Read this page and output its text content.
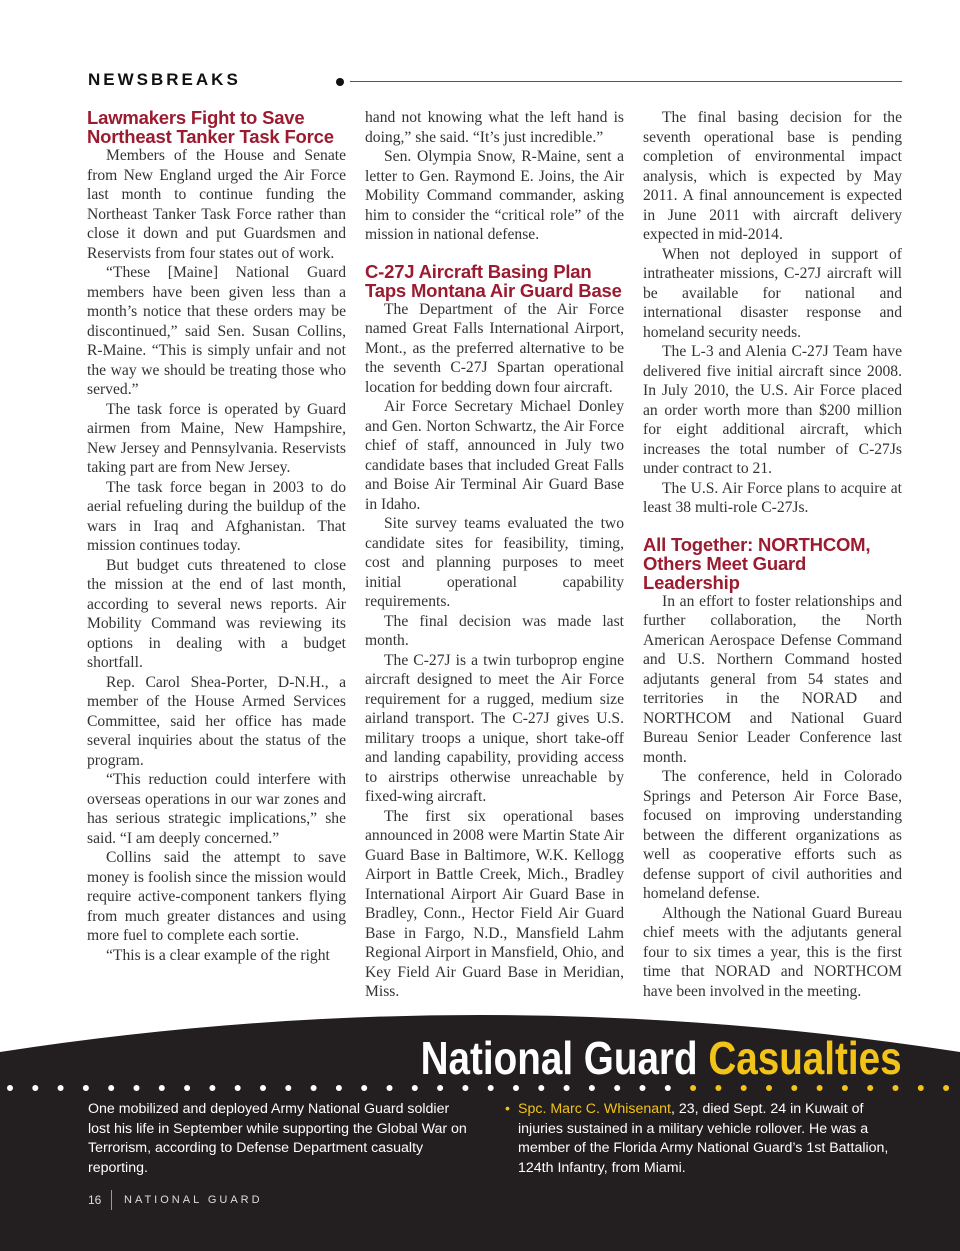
NEWSBREAKS
Lawmakers Fight to Save Northeast Tanker Task Force

Members of the House and Senate from New England urged the Air Force last month to continue funding the Northeast Tanker Task Force rather than close it down and put Guardsmen and Reservists from four states out of work.

“These [Maine] National Guard members have been given less than a month’s notice that these orders may be discontinued,” said Sen. Susan Collins, R-Maine. “This is simply unfair and not the way we should be treating those who served.”

The task force is operated by Guard airmen from Maine, New Hampshire, New Jersey and Pennsylvania. Reservists taking part are from New Jersey.

The task force began in 2003 to do aerial refueling during the buildup of the wars in Iraq and Afghanistan. That mission continues today.

But budget cuts threatened to close the mission at the end of last month, according to several news reports. Air Mobility Command was reviewing its options in dealing with a budget shortfall.

Rep. Carol Shea-Porter, D-N.H., a member of the House Armed Services Committee, said her office has made several inquiries about the status of the program.

“This reduction could interfere with overseas operations in our war zones and has serious strategic implications,” she said. “I am deeply concerned.”

Collins said the attempt to save money is foolish since the mission would require active-component tankers flying from much greater distances and using more fuel to complete each sortie.

“This is a clear example of the right

hand not knowing what the left hand is doing,” she said. “It’s just incredible.”

Sen. Olympia Snow, R-Maine, sent a letter to Gen. Raymond E. Joins, the Air Mobility Command commander, asking him to consider the “critical role” of the mission in national defense.

C-27J Aircraft Basing Plan Taps Montana Air Guard Base

The Department of the Air Force named Great Falls International Airport, Mont., as the preferred alternative to be the seventh C-27J Spartan operational location for bedding down four aircraft.

Air Force Secretary Michael Donley and Gen. Norton Schwartz, the Air Force chief of staff, announced in July two candidate bases that included Great Falls and Boise Air Terminal Air Guard Base in Idaho.

Site survey teams evaluated the two candidate sites for feasibility, timing, cost and planning purposes to meet initial operational capability requirements.

The final decision was made last month.

The C-27J is a twin turboprop engine aircraft designed to meet the Air Force requirement for a rugged, medium size airland transport. The C-27J gives U.S. military troops a unique, short take-off and landing capability, providing access to airstrips otherwise unreachable by fixed-wing aircraft.

The first six operational bases announced in 2008 were Martin State Air Guard Base in Baltimore, W.K. Kellogg Airport in Battle Creek, Mich., Bradley International Airport Air Guard Base in Bradley, Conn., Hector Field Air Guard Base in Fargo, N.D., Mansfield Lahm Regional Airport in Mansfield, Ohio, and Key Field Air Guard Base in Meridian, Miss.

The final basing decision for the seventh operational base is pending completion of environmental impact analysis, which is expected by May 2011. A final announcement is expected in June 2011 with aircraft delivery expected in mid-2014.

When not deployed in support of intratheater missions, C-27J aircraft will be available for national and international disaster response and homeland security needs.

The L-3 and Alenia C-27J Team have delivered five initial aircraft since 2008. In July 2010, the U.S. Air Force placed an order worth more than $200 million for eight additional aircraft, which increases the total number of C-27Js under contract to 21.

The U.S. Air Force plans to acquire at least 38 multi-role C-27Js.

All Together: NORTHCOM, Others Meet Guard Leadership

In an effort to foster relationships and further collaboration, the North American Aerospace Defense Command and U.S. Northern Command hosted adjutants general from 54 states and territories in the NORAD and NORTHCOM and National Guard Bureau Senior Leader Conference last month.

The conference, held in Colorado Springs and Peterson Air Force Base, focused on improving understanding between the different organizations as well as cooperative efforts such as defense support of civil authorities and homeland defense.

Although the National Guard Bureau chief meets with the adjutants general four to six times a year, this is the first time that NORAD and NORTHCOM have been involved in the meeting.

National Guard Casualties
One mobilized and deployed Army National Guard soldier lost his life in September while supporting the Global War on Terrorism, according to Defense Department casualty reporting.
• Spc. Marc C. Whisenant, 23, died Sept. 24 in Kuwait of injuries sustained in a military vehicle rollover. He was a member of the Florida Army National Guard’s 1st Battalion, 124th Infantry, from Miami.
16 NATIONAL GUARD
